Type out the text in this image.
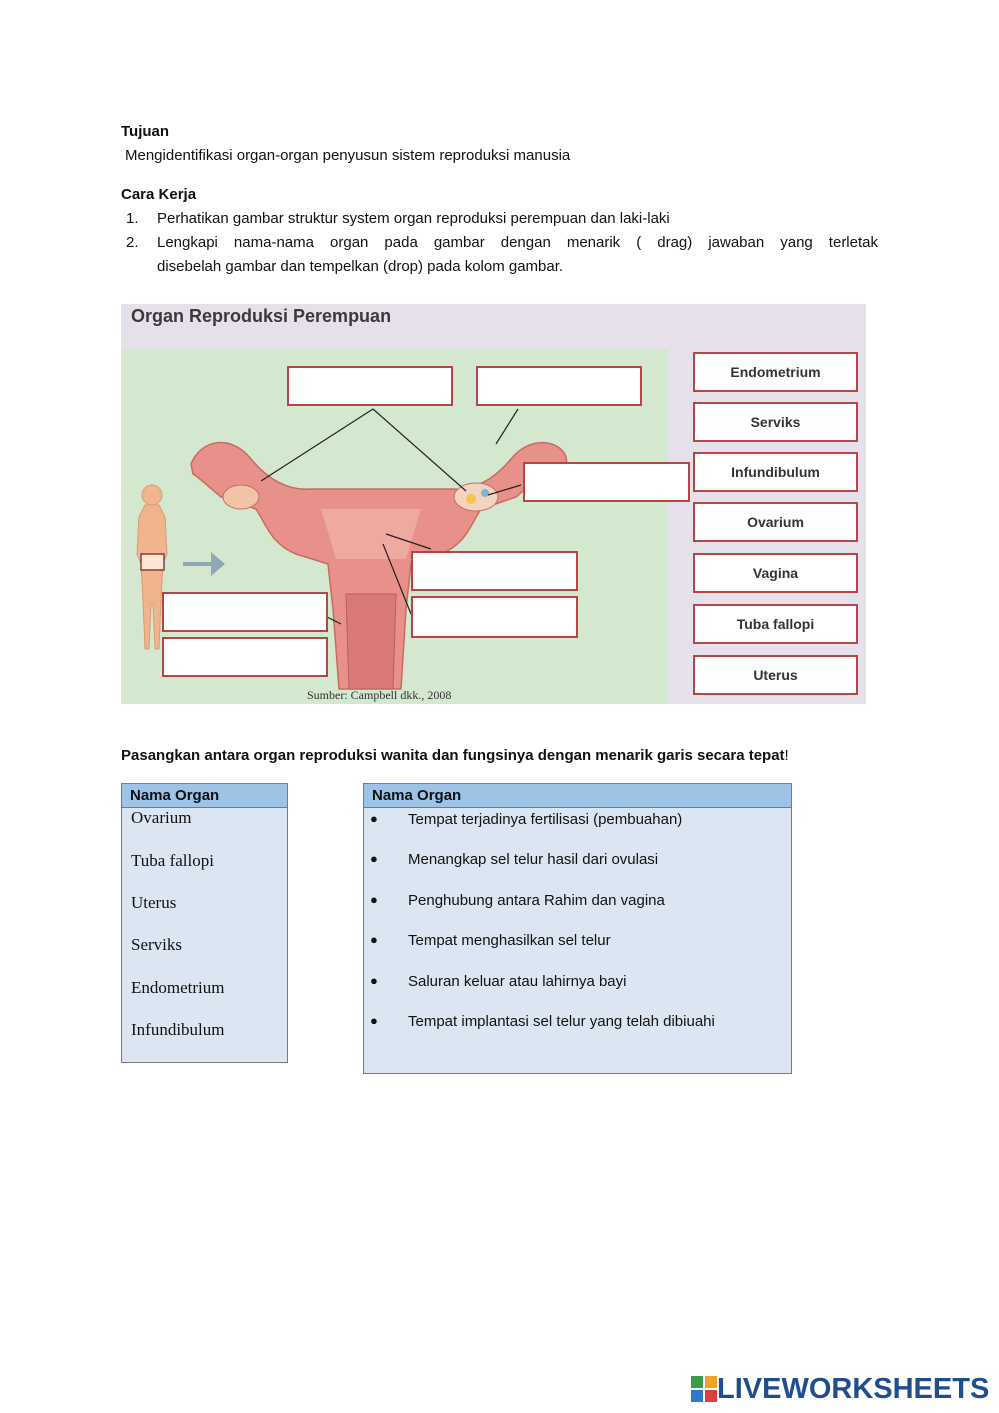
Tujuan
Mengidentifikasi organ-organ penyusun sistem reproduksi manusia
Cara Kerja
1. Perhatikan gambar struktur system organ reproduksi perempuan dan laki-laki
2. Lengkapi nama-nama organ pada gambar dengan menarik ( drag) jawaban yang terletak
disebelah gambar dan tempelkan (drop) pada kolom gambar.
Organ Reproduksi Perempuan
Endometrium
Serviks
Infundibulum
Ovarium
Vagina
Tuba fallopi
Uterus
Sumber: Campbell dkk., 2008
Pasangkan antara organ reproduksi wanita dan fungsinya dengan menarik garis secara tepat!
Nama Organ
Ovarium
Tuba fallopi
Uterus
Serviks
Endometrium
Infundibulum
Nama Organ
● Tempat terjadinya fertilisasi (pembuahan)
● Menangkap sel telur hasil dari ovulasi
● Penghubung antara Rahim dan vagina
● Tempat menghasilkan sel telur
● Saluran keluar atau lahirnya bayi
● Tempat implantasi sel telur yang telah dibiuahi
LIVEWORKSHEETS
